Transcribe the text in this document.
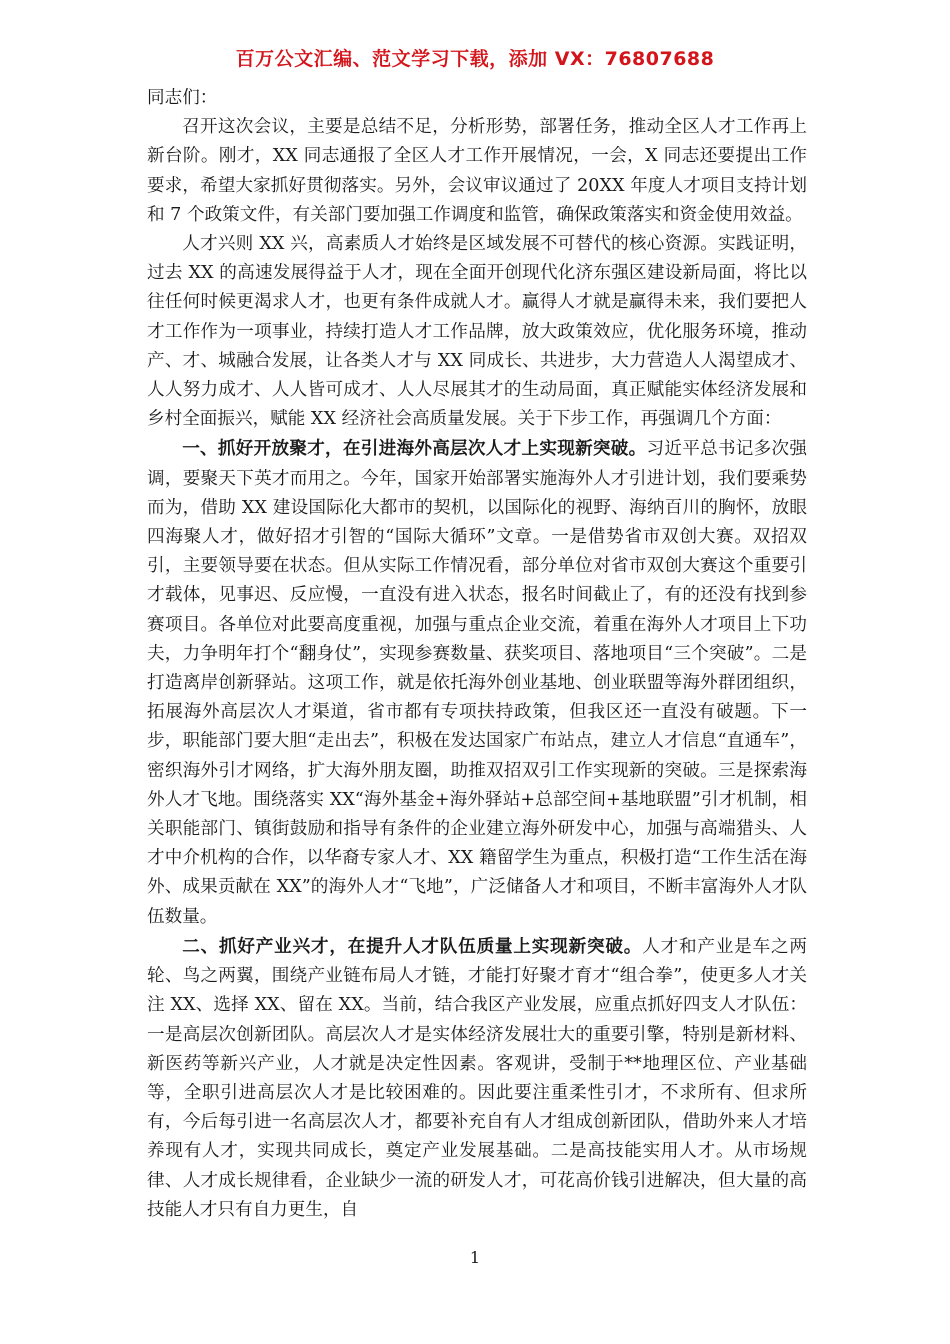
百万公文汇编、范文学习下载，添加 VX：76807688

同志们：

召开这次会议，主要是总结不足，分析形势，部署任务，推动全区人才工作再上新台阶。刚才，XX 同志通报了全区人才工作开展情况，一会，X 同志还要提出工作要求，希望大家抓好贯彻落实。另外，会议审议通过了 20XX 年度人才项目支持计划和 7 个政策文件，有关部门要加强工作调度和监管，确保政策落实和资金使用效益。

人才兴则 XX 兴，高素质人才始终是区域发展不可替代的核心资源。实践证明，过去 XX 的高速发展得益于人才，现在全面开创现代化济东强区建设新局面，将比以往任何时候更渴求人才，也更有条件成就人才。赢得人才就是赢得未来，我们要把人才工作作为一项事业，持续打造人才工作品牌，放大政策效应，优化服务环境，推动产、才、城融合发展，让各类人才与 XX 同成长、共进步，大力营造人人渴望成才、人人努力成才、人人皆可成才、人人尽展其才的生动局面，真正赋能实体经济发展和乡村全面振兴，赋能 XX 经济社会高质量发展。关于下步工作，再强调几个方面：

一、抓好开放聚才，在引进海外高层次人才上实现新突破。习近平总书记多次强调，要聚天下英才而用之。今年，国家开始部署实施海外人才引进计划，我们要乘势而为，借助 XX 建设国际化大都市的契机，以国际化的视野、海纳百川的胸怀，放眼四海聚人才，做好招才引智的“国际大循环”文章。一是借势省市双创大赛。双招双引，主要领导要在状态。但从实际工作情况看，部分单位对省市双创大赛这个重要引才载体，见事迟、反应慢，一直没有进入状态，报名时间截止了，有的还没有找到参赛项目。各单位对此要高度重视，加强与重点企业交流，着重在海外人才项目上下功夫，力争明年打个“翻身仗”，实现参赛数量、获奖项目、落地项目“三个突破”。二是打造离岸创新驿站。这项工作，就是依托海外创业基地、创业联盟等海外群团组织，拓展海外高层次人才渠道，省市都有专项扶持政策，但我区还一直没有破题。下一步，职能部门要大胆“走出去”，积极在发达国家广布站点，建立人才信息“直通车”，密织海外引才网络，扩大海外朋友圈，助推双招双引工作实现新的突破。三是探索海外人才飞地。围绕落实 XX“海外基金+海外驿站+总部空间+基地联盟”引才机制，相关职能部门、镇街鼓励和指导有条件的企业建立海外研发中心，加强与高端猎头、人才中介机构的合作，以华裔专家人才、XX 籍留学生为重点，积极打造“工作生活在海外、成果贡献在 XX”的海外人才“飞地”，广泛储备人才和项目，不断丰富海外人才队伍数量。

二、抓好产业兴才，在提升人才队伍质量上实现新突破。人才和产业是车之两轮、鸟之两翼，围绕产业链布局人才链，才能打好聚才育才“组合拳”，使更多人才关注 XX、选择 XX、留在 XX。当前，结合我区产业发展，应重点抓好四支人才队伍：一是高层次创新团队。高层次人才是实体经济发展壮大的重要引擎，特别是新材料、新医药等新兴产业，人才就是决定性因素。客观讲，受制于**地理区位、产业基础等，全职引进高层次人才是比较困难的。因此要注重柔性引才，不求所有、但求所有，今后每引进一名高层次人才，都要补充自有人才组成创新团队，借助外来人才培养现有人才，实现共同成长，奠定产业发展基础。二是高技能实用人才。从市场规律、人才成长规律看，企业缺少一流的研发人才，可花高价钱引进解决，但大量的高技能人才只有自力更生，自

1
